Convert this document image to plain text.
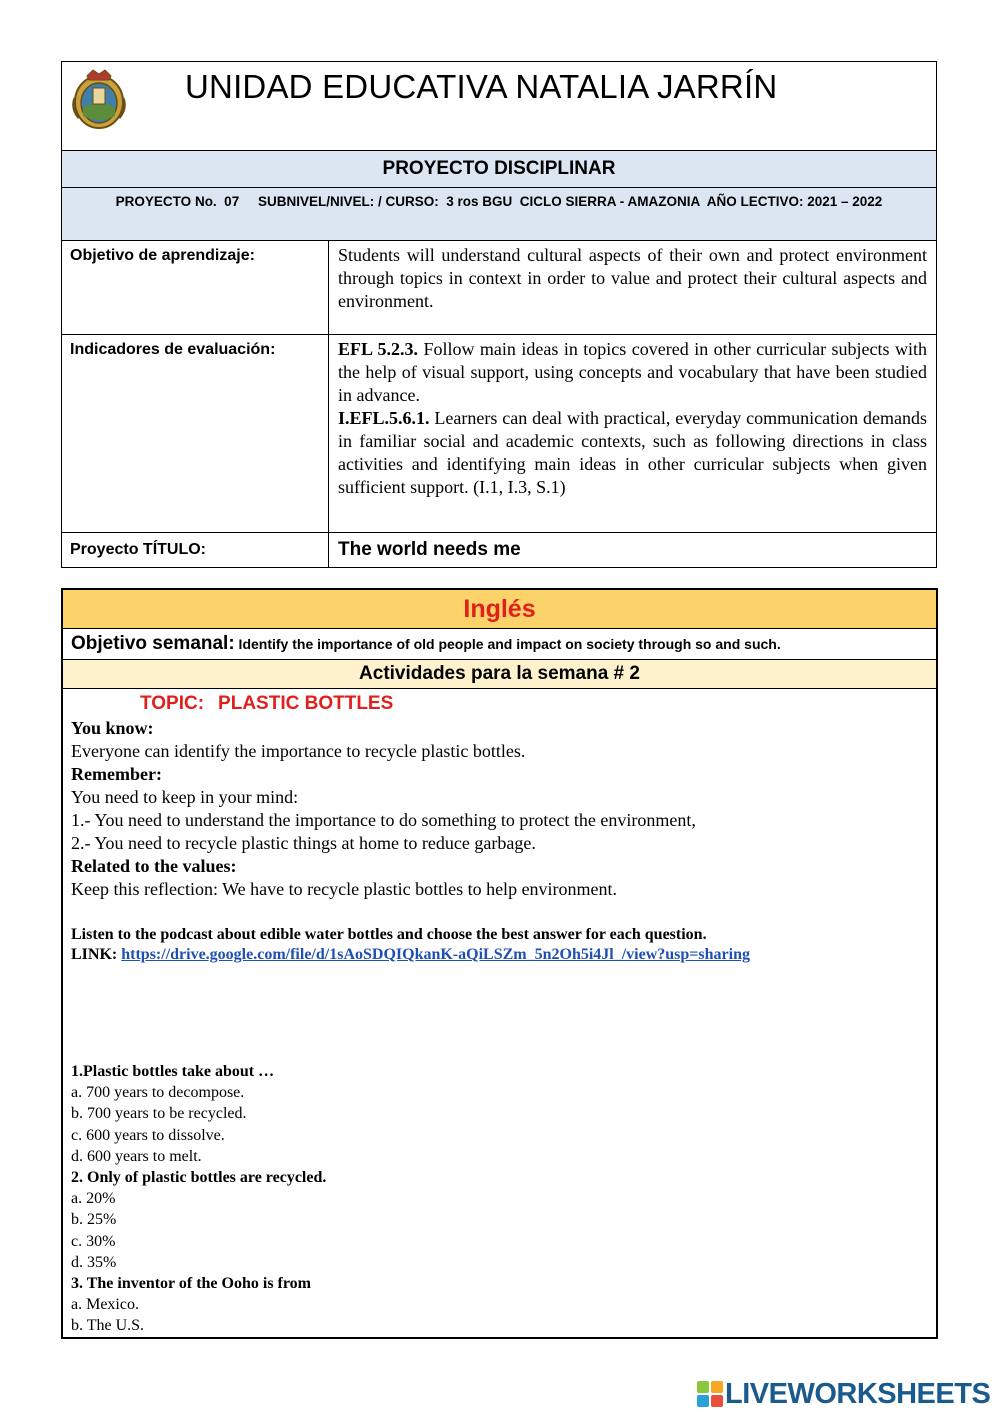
UNIDAD EDUCATIVA NATALIA JARRÍN	

PROYECTO DISCIPLINAR	
PROYECTO No.  07     SUBNIVEL/NIVEL: / CURSO:  3 ros BGU  CICLO SIERRA - AMAZONIA  AÑO LECTIVO: 2021 – 2022	
Objetivo de aprendizaje:	Students will understand cultural aspects of their own and protect environment through topics in context in order to value and protect their cultural aspects and environment.
Indicadores de evaluación:	EFL 5.2.3. Follow main ideas in topics covered in other curricular subjects with the help of visual support, using concepts and vocabulary that have been studied in advance.
I.EFL.5.6.1. Learners can deal with practical, everyday communication demands in familiar social and academic contexts, such as following directions in class activities and identifying main ideas in other curricular subjects when given sufficient support. (I.1, I.3, S.1)

Proyecto TÍTULO:	The world needs me
Inglés
Objetivo semanal: Identify the importance of old people and impact on society through so and such.
Actividades para la semana # 2
TOPIC: PLASTIC BOTTLES
You know:
Everyone can identify the importance to recycle plastic bottles.
Remember:
You need to keep in your mind:
1.- You need to understand the importance to do something to protect the environment,
2.- You need to recycle plastic things at home to reduce garbage.
Related to the values:
Keep this reflection: We have to recycle plastic bottles to help environment.
Listen to the podcast about edible water bottles and choose the best answer for each question.
LINK: https://drive.google.com/file/d/1sAoSDQIQkanK-aQiLSZm_5n2Oh5i4Jl_/view?usp=sharing
1.Plastic bottles take about …
a. 700 years to decompose.
b. 700 years to be recycled.
c. 600 years to dissolve.
d. 600 years to melt.
2. Only of plastic bottles are recycled.
a. 20%
b. 25%
c. 30%
d. 35%
3. The inventor of the Ooho is from
a. Mexico.
b. The U.S.
LIVEWORKSHEETS
